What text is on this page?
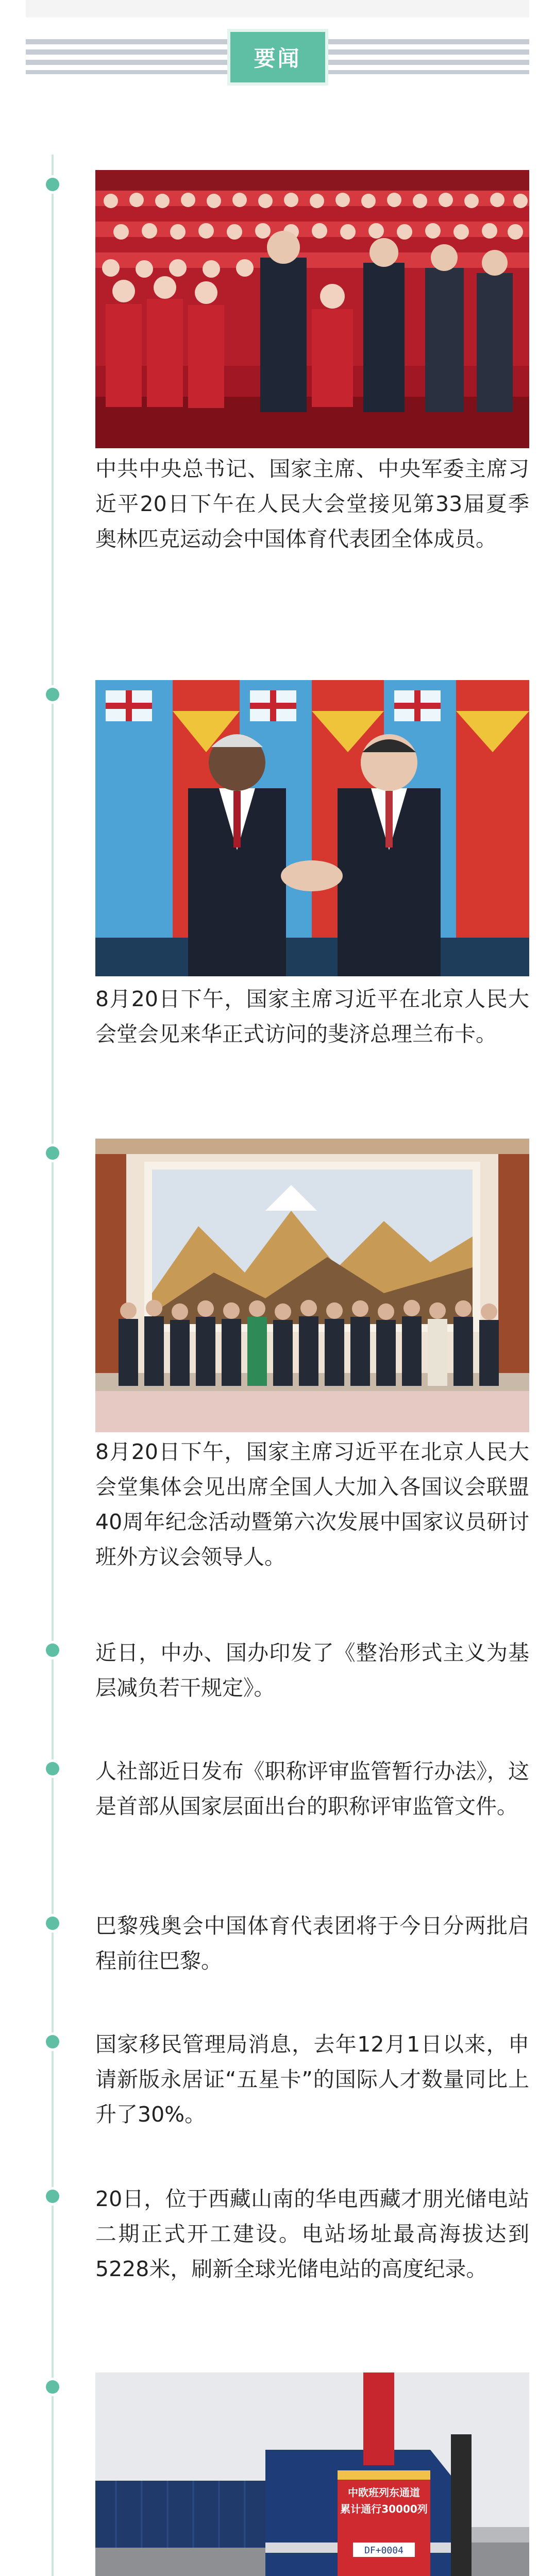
要闻

中共中央总书记、国家主席、中央军委主席习近平20日下午在人民大会堂接见第33届夏季奥林匹克运动会中国体育代表团全体成员。

8月20日下午，国家主席习近平在北京人民大会堂会见来华正式访问的斐济总理兰布卡。

8月20日下午，国家主席习近平在北京人民大会堂集体会见出席全国人大加入各国议会联盟40周年纪念活动暨第六次发展中国家议员研讨班外方议会领导人。

近日，中办、国办印发了《整治形式主义为基层减负若干规定》。

人社部近日发布《职称评审监管暂行办法》，这是首部从国家层面出台的职称评审监管文件。

巴黎残奥会中国体育代表团将于今日分两批启程前往巴黎。

国家移民管理局消息，去年12月1日以来，申请新版永居证“五星卡”的国际人才数量同比上升了30%。

20日，位于西藏山南的华电西藏才朋光储电站二期正式开工建设。电站场址最高海拔达到5228米，刷新全球光储电站的高度纪录。

中欧班列东通道
累计通行30000列
DF+0004
